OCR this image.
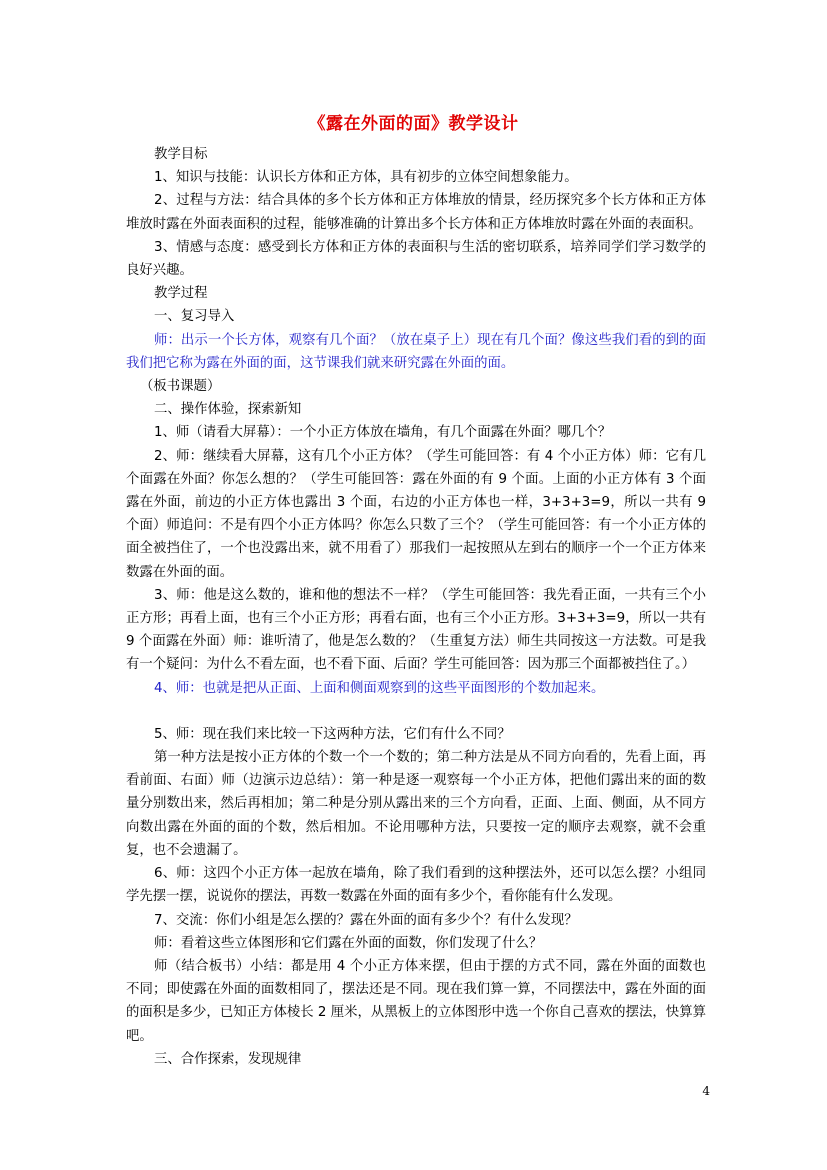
《露在外面的面》教学设计

教学目标

1、知识与技能：认识长方体和正方体，具有初步的立体空间想象能力。

2、过程与方法：结合具体的多个长方体和正方体堆放的情景，经历探究多个长方体和正方体堆放时露在外面表面积的过程，能够准确的计算出多个长方体和正方体堆放时露在外面的表面积。

3、情感与态度：感受到长方体和正方体的表面积与生活的密切联系，培养同学们学习数学的良好兴趣。

教学过程

一、复习导入

师：出示一个长方体，观察有几个面？（放在桌子上）现在有几个面？像这些我们看的到的面我们把它称为露在外面的面，这节课我们就来研究露在外面的面。

（板书课题）

二、操作体验，探索新知

1、师（请看大屏幕）：一个小正方体放在墙角，有几个面露在外面？哪几个？

2、师：继续看大屏幕，这有几个小正方体？（学生可能回答：有 4 个小正方体）师：它有几个面露在外面？你怎么想的？（学生可能回答：露在外面的有 9 个面。上面的小正方体有 3 个面露在外面，前边的小正方体也露出 3 个面，右边的小正方体也一样，3+3+3=9，所以一共有 9 个面）师追问：不是有四个小正方体吗？你怎么只数了三个？（学生可能回答：有一个小正方体的面全被挡住了，一个也没露出来，就不用看了）那我们一起按照从左到右的顺序一个一个正方体来数露在外面的面。

3、师：他是这么数的，谁和他的想法不一样？（学生可能回答：我先看正面，一共有三个小正方形；再看上面，也有三个小正方形；再看右面，也有三个小正方形。3+3+3=9，所以一共有 9 个面露在外面）师：谁听清了，他是怎么数的？（生重复方法）师生共同按这一方法数。可是我有一个疑问：为什么不看左面，也不看下面、后面？学生可能回答：因为那三个面都被挡住了。）

4、师：也就是把从正面、上面和侧面观察到的这些平面图形的个数加起来。

5、师：现在我们来比较一下这两种方法，它们有什么不同？

第一种方法是按小正方体的个数一个一个数的；第二种方法是从不同方向看的，先看上面，再看前面、右面）师（边演示边总结）：第一种是逐一观察每一个小正方体，把他们露出来的面的数量分别数出来，然后再相加；第二种是分别从露出来的三个方向看，正面、上面、侧面，从不同方向数出露在外面的面的个数，然后相加。不论用哪种方法，只要按一定的顺序去观察，就不会重复，也不会遗漏了。

6、师：这四个小正方体一起放在墙角，除了我们看到的这种摆法外，还可以怎么摆？小组同学先摆一摆，说说你的摆法，再数一数露在外面的面有多少个，看你能有什么发现。

7、交流：你们小组是怎么摆的？露在外面的面有多少个？有什么发现？

师：看着这些立体图形和它们露在外面的面数，你们发现了什么？

师（结合板书）小结：都是用 4 个小正方体来摆，但由于摆的方式不同，露在外面的面数也不同；即使露在外面的面数相同了，摆法还是不同。现在我们算一算，不同摆法中，露在外面的面的面积是多少，已知正方体棱长 2 厘米，从黑板上的立体图形中选一个你自己喜欢的摆法，快算算吧。

三、合作探索，发现规律

4
